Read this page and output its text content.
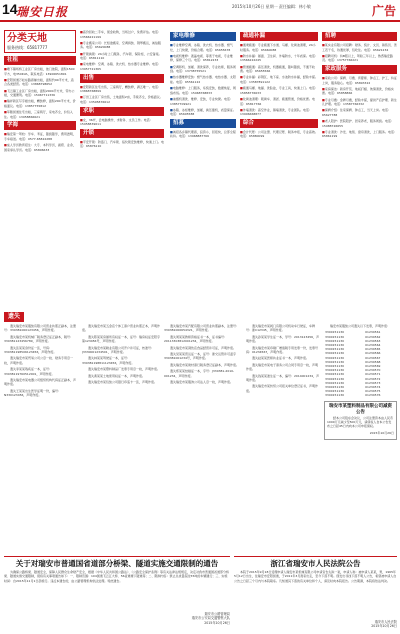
14
瑞安日报	2015年10月26日 星期一 责任编辑：林小敏	广告
分类天地
服务热线：65817777
社租
■塘下镇场桥工业区厂房出租，独门独院，面积1500平方，电350KVA，联系电话：13906651891
■安阳街道万松东路商铺出租，面积约90平方米，适合各类经营。电话：13868798652
■飞云镇工业区厂房出租，面积2000平方米，带办公楼，交通便利。电话：15967711336
■瑞祥新区写字楼出租，精装修，面积200平方米，价格面议。电话：13857755812
■莘塍街道住宅出租，三室两厅，家电齐全，拎包入住。电话：13958866621
学海
■瑞安第一驾校：学车、考证，随到随学，费用透明，专车接送。电话：0577-65822288
■成人学历教育招生：大专、本科学历，函授、业余，国家承认学历。电话：65806633
■高价回收二手车，现金收购，当场过户，免费评估。电话：13566221199
■专业搬家公司：长短途搬家、空调拆装、钢琴搬运，诚信服务。电话：65620088
■开锁换锁：24小时上门服务，汽车锁、保险柜，公安备案。电话：65811110
■家电维修：空调、冰箱、洗衣机、热水器专业维修。电话：13957721365
出售
■安阳新区住宅出售，三室两厅，精装修，满五唯一。电话：13868768899
■汀田工业区厂房出售，土地面积2亩，手续齐全，价格面议。电话：13505876612
求职
■女，36岁，会电脑操作，求财务、文员工作。电话：15958839611
开锁
■平安开锁：防盗门、汽车锁、指纹锁安装维修，快速上门。电话：65876110
家电维修
■专业维修空调、冰箱、洗衣机、热水器、燃气灶，上门快捷，价格合理。电话：65655678
■电视机维修：液晶电视、等离子电视，专业维修，保修三个月。电话：65812233
■空调移机、加氟、清洗保养，专业技师，服务周到。电话：13738755521
■热水器维修安装：燃气热水器、电热水器、太阳能。电话：65561122
■电脑维修：上门服务，系统安装，数据恢复，网络布线。电话：15968768833
■油烟机清洗、维修、安装，专业快捷。电话：13857709921
■冰箱、冰柜维修，加氟，换压缩机，质量保证。电话：65605588
招募
■诚招各乡镇代理商，投资小，回报快，总部全程扶持。电话：13968887766
疏通补漏
■通渠疏通：专业疏通下水道、马桶、化粪池清理，24小时服务。电话：65660088
■防水补漏：屋面、卫生间、外墙防水，十年质保。电话：13566222245
■管道疏通：高压清洗，机器疏通，随叫随到，不通不收费。电话：65655566
■专业补漏：彩钢瓦、地下室、水池防水补漏，经验丰富。电话：13587891122
■疏通马桶、地漏、洗脸盆，专业工具，快速上门。电话：15858776633
■化粪池清理：吸粪车、清淤、疏通管道，价格优惠。电话：65817766
■外墙清洗：高空作业，幕墙清洗，专业团队。电话：13906668877
综合
■会计代账：公司注册、代理记账、税务申报，专业高效。电话：65880099
招聘
■某实业有限公司招聘：财务、统计、文员、销售员、普工若干名，待遇优厚，包吃住。电话：65621234
■招聘司机：持B照以上，驾龄三年以上，熟悉瑞安路况。电话：13757766221
家政服务
■家政公司：保姆、月嫂、育婴师、钟点工、护工，持证上岗，服务贴心。电话：65893322
■家庭保洁：新房开荒、地板打蜡、玻璃清洗，价格实惠。电话：65858866
■专业月嫂：金牌月嫂，经验丰富，提供产后护理、新生儿护理。电话：13587766332
■保姆介绍：住家保姆、钟点工，当天上岗。电话：65627788
■老人陪护：医院陪护、居家养老，服务周到。电话：15988726655
■专业清洗：沙发、地毯、窗帘清洗，上门服务。电话：65861199
遗失

遗失瑞安市某服装有限公司营业执照正副本，注册号：330381000123456，声明作废。

遗失瑞安市某机械厂税务登记证正副本，税号：330381123456789，声明作废。

遗失张某某身份证一张，号码：330381198506123456，声明作废。

遗失瑞安市某贸易公司公章一枚、财务专用章一枚，声明作废。

遗失李某某残疾证一本，证号：33038119760512001，声明作废。

遗失瑞安市某电器公司组织机构代码证正副本，声明作废。

遗失王某某出生医学证明一份，编号：N330123456，声明作废。

遗失瑞安市某五金店个体工商户营业执照正本，声明作废。

遗失陈某某房屋所有权证一本，证号：瑞房权证安阳字第123456号，声明作废。

遗失瑞安市某鞋业有限公司开户许可证，核准号：J3330001234501，声明作废。

遗失林某某驾驶证一本，证号：330381198811123456，声明作废。

遗失瑞安市某塑料制品厂发票专用章一枚，声明作废。

遗失黄某某土地使用权证一本，声明作废。

遗失瑞安市某包装公司银行印鉴卡一张，声明作废。

遗失瑞安市某汽配有限公司营业执照副本，注册号：330381000654321，声明作废。

遗失周某某教师资格证书一本，证书编号：20113303812001234，声明作废。

遗失瑞安市某餐饮店食品经营许可证，声明作废。

遗失吴某某营运证一本，证号：浙交运管许可温字330381001234号，声明作废。

遗失瑞安市某建材商行税务登记证副本，声明作废。

遗失郑某某结婚证一本，字号：J330381-2010-001234，声明作废。

遗失瑞安市某服饰公司法人章一枚，声明作废。

遗失瑞安市某阀门有限公司机动车行驶证，车牌号：浙C12345，声明作废。

遗失孙某某学生证一本，学号：2013123456，声明作废。

遗失瑞安市某印刷厂增值税专用发票一份，发票号码：01234567，声明作废。

遗失赵某某医师执业证书一本，声明作废。

遗失瑞安市某电子商务公司合同专用章一枚，声明作废。

遗失钱某某准生证一本，编号：2014001234，声明作废。

遗失瑞安市某纺织公司报关单位登记证书，声明作废。

瑞安市某服装公司遗失以下发票，声明作废：

3300151130	01234561
3300151130	01234562
3300151130	01234563
3300151130	01234564
3300151130	01234565
3300151130	01234566
3300151130	01234567
3300151130	01234568
3300151130	01234569
3300151130	01234570
3300151130	01234571
3300151130	01234572
3300151130	01234573
3300151130	01234574
3300151130	01234575
3300151130	01234576
瑞安市某塑料制品有限公司减资公告

经本公司股东会决议，公司注册资本由人民币1000万元减少至500万元，请债权人自本公告发布之日起45日内向本公司申报债权。

2015年10月26日

关于对瑞安市普通国省道部分桥梁、隧道实施交通限制的通告
为确保公路桥梁、隧道安全，保障人民群众生命财产安全，根据《中华人民共和国公路法》、《公路安全保护条例》等有关法律法规规定，决定对我市普通国省道部分桥梁、隧道实施交通限制，现将有关事项通告如下：一、限制范围：104国道飞云江大桥、56省道塘下隧道等；二、限制内容：禁止总质量超过55吨的车辆通行；三、实施时间：自2015年11月1日起施行。违反本通告的，由公路管理机构依法处理。特此通告。
瑞安市公路管理局
瑞安市公安局交通警察大队
2015年10月26日
浙江省瑞安市人民法院公告
本院于2015年9月18日受理申请人瑞安市某机械有限公司申请宣告失踪一案，申请人称：被申请人某某，男，1965年5月12日出生，住瑞安市安阳街道，于2011年3月离家出走，至今下落不明。现发出寻找下落不明人公告，希望被申请人自公告之日起三个月内与本院联系。凡知道其下落的有关单位和个人，请及时向本院报告。公告期满，本院将依法判决。
瑞安市人民法院
2015年10月26日
